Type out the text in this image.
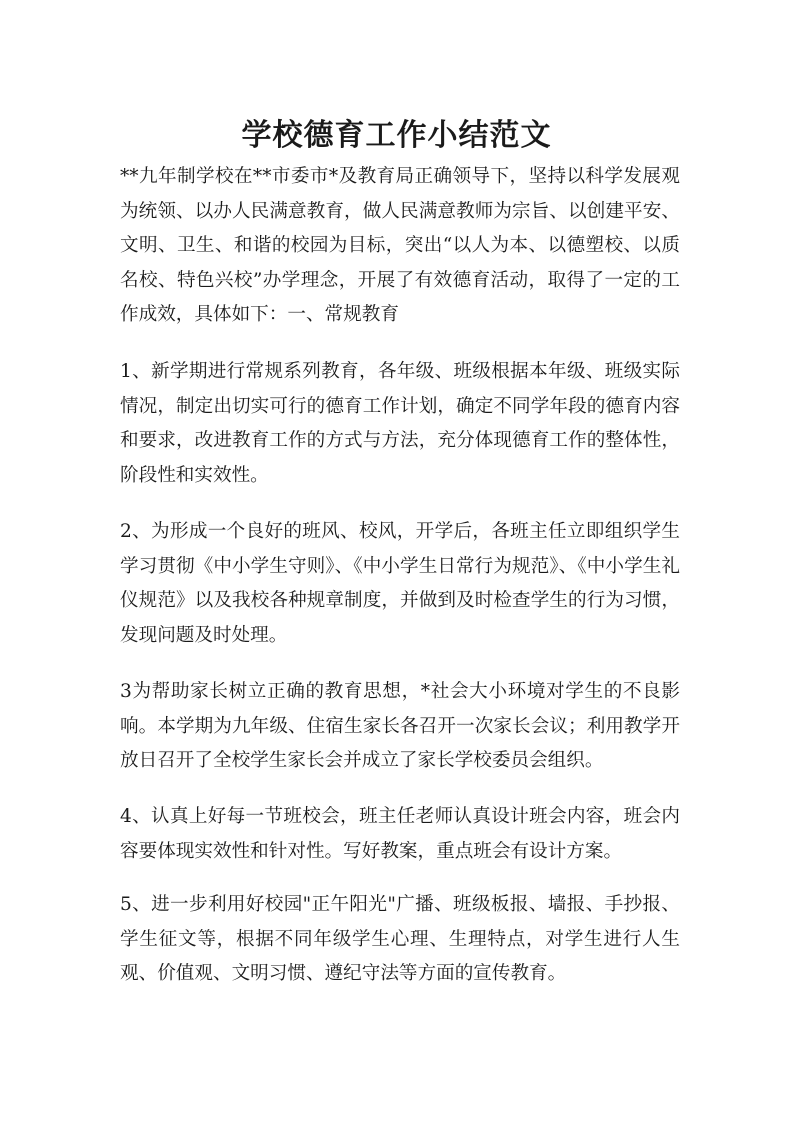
学校德育工作小结范文

**九年制学校在**市委市*及教育局正确领导下，坚持以科学发展观为统领、以办人民满意教育，做人民满意教师为宗旨、以创建平安、文明、卫生、和谐的校园为目标，突出“以人为本、以德塑校、以质名校、特色兴校”办学理念，开展了有效德育活动，取得了一定的工作成效，具体如下：一、常规教育

1、新学期进行常规系列教育，各年级、班级根据本年级、班级实际情况，制定出切实可行的德育工作计划，确定不同学年段的德育内容和要求，改进教育工作的方式与方法，充分体现德育工作的整体性，阶段性和实效性。

2、为形成一个良好的班风、校风，开学后，各班主任立即组织学生学习贯彻《中小学生守则》、《中小学生日常行为规范》、《中小学生礼仪规范》以及我校各种规章制度，并做到及时检查学生的行为习惯，发现问题及时处理。

3为帮助家长树立正确的教育思想，*社会大小环境对学生的不良影响。本学期为九年级、住宿生家长各召开一次家长会议；利用教学开放日召开了全校学生家长会并成立了家长学校委员会组织。

4、认真上好每一节班校会，班主任老师认真设计班会内容，班会内容要体现实效性和针对性。写好教案，重点班会有设计方案。

5、进一步利用好校园"正午阳光"广播、班级板报、墙报、手抄报、学生征文等，根据不同年级学生心理、生理特点，对学生进行人生观、价值观、文明习惯、遵纪守法等方面的宣传教育。
